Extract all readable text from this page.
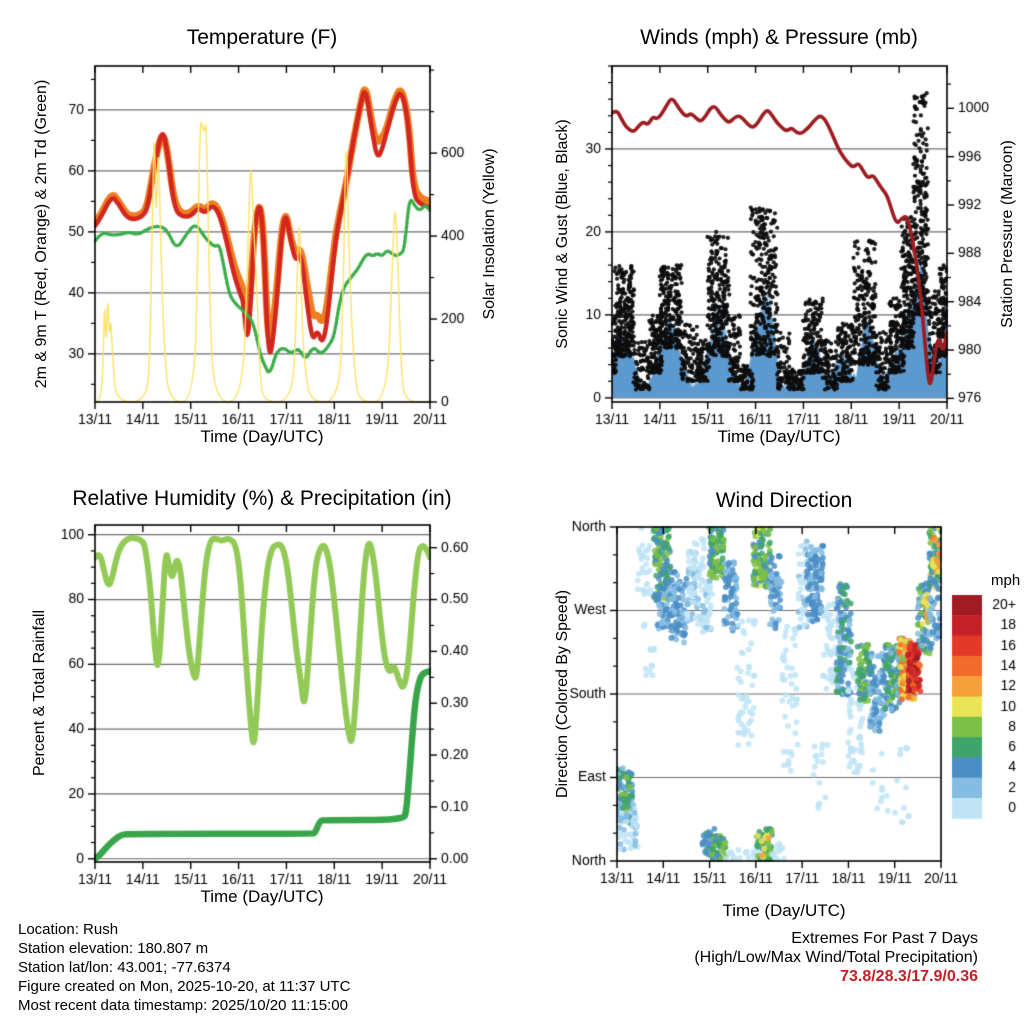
Temperature (F)	Winds (mph) & Pressure (mb)
Relative Humidity (%) & Precipitation (in)	Wind Direction
2m & 9m T (Red, Orange) & 2m Td (Green)	Solar Insolation (Yellow)	Sonic Wind & Gust (Blue, Black)	Station Pressure (Maroon)
Percent & Total Rainfall	Direction (Colored By Speed)
Time (Day/UTC)	Time (Day/UTC)
Time (Day/UTC)
Time (Day/UTC)
mph
Location: Rush
Station elevation: 180.807 m
Station lat/lon: 43.001; -77.6374
Figure created on Mon, 2025-10-20, at 11:37 UTC
Most recent data timestamp: 2025/10/20 11:15:00
Extremes For Past 7 Days
(High/Low/Max Wind/Total Precipitation)
73.8/28.3/17.9/0.36
